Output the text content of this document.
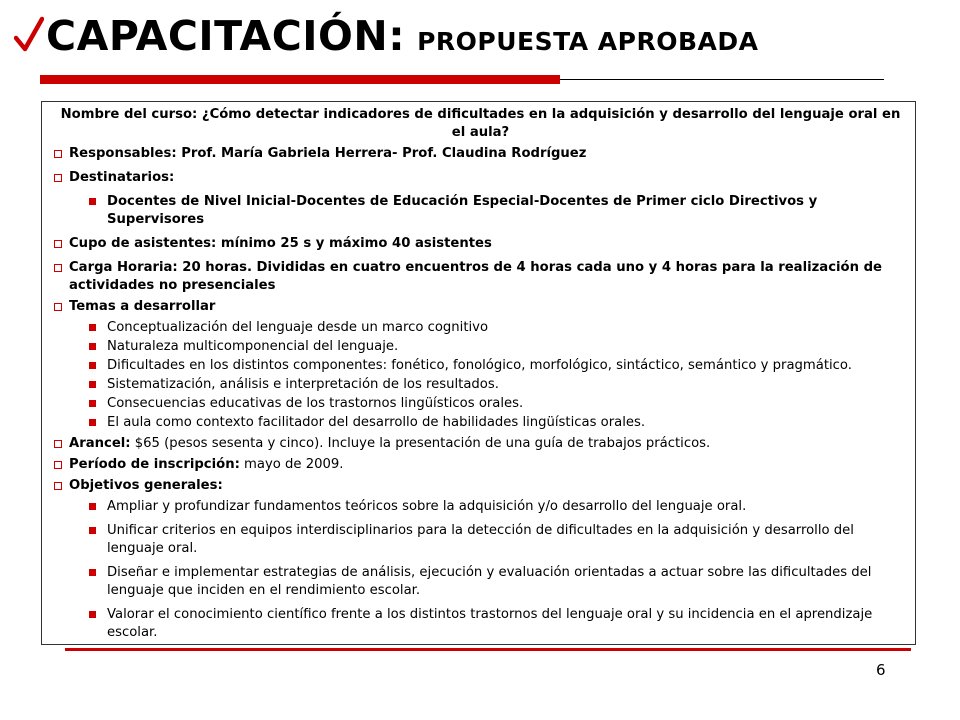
CAPACITACIÓN: PROPUESTA APROBADA
Nombre del curso: ¿Cómo detectar indicadores de dificultades en la adquisición y desarrollo del lenguaje oral en el aula?
Responsables: Prof. María Gabriela Herrera- Prof. Claudina Rodríguez
Destinatarios:
Docentes de Nivel Inicial-Docentes de Educación Especial-Docentes de Primer ciclo Directivos y Supervisores
Cupo de asistentes: mínimo 25 s y máximo 40 asistentes
Carga Horaria: 20 horas. Divididas en cuatro encuentros de 4 horas cada uno y 4 horas para la realización de actividades no presenciales
Temas a desarrollar
Conceptualización del lenguaje desde un marco cognitivo
Naturaleza multicomponencial del lenguaje.
Dificultades en los distintos componentes: fonético, fonológico, morfológico, sintáctico, semántico y pragmático.
Sistematización, análisis e interpretación de los resultados.
Consecuencias educativas de los trastornos lingüísticos orales.
El aula como contexto facilitador del desarrollo de habilidades lingüísticas orales.
Arancel: $65 (pesos sesenta y cinco). Incluye la presentación de una guía de trabajos prácticos.
Período de inscripción: mayo de 2009.
Objetivos generales:
Ampliar y profundizar fundamentos teóricos sobre la adquisición y/o desarrollo del lenguaje oral.
Unificar criterios en equipos interdisciplinarios para la detección de dificultades en la adquisición y desarrollo del lenguaje oral.
Diseñar e implementar estrategias de análisis, ejecución y evaluación orientadas a actuar sobre las dificultades del lenguaje que inciden en el rendimiento escolar.
Valorar el conocimiento científico frente a los distintos trastornos del lenguaje oral y su incidencia en el aprendizaje escolar.
6
